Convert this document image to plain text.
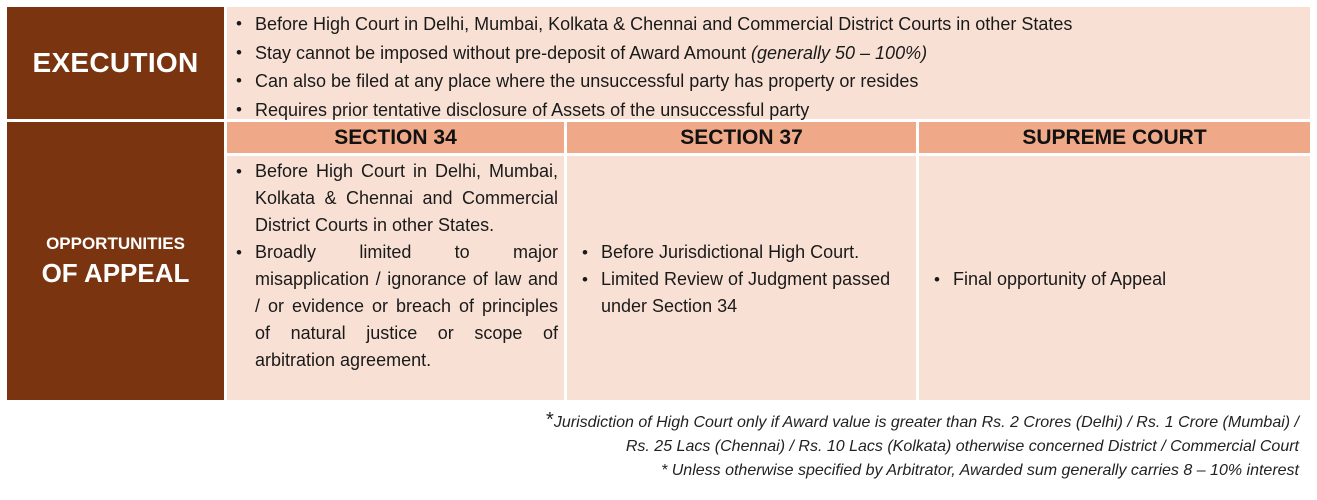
EXECUTION
• Before High Court in Delhi, Mumbai, Kolkata & Chennai and Commercial District Courts in other States
• Stay cannot be imposed without pre-deposit of Award Amount (generally 50 – 100%)
• Can also be filed at any place where the unsuccessful party has property or resides
• Requires prior tentative disclosure of Assets of the unsuccessful party
OPPORTUNITIES
OF APPEAL
SECTION 34	SECTION 37	SUPREME COURT
• Before High Court in Delhi, Mumbai, Kolkata & Chennai and Commercial District Courts in other States.
• Broadly limited to major misapplication / ignorance of law and / or evidence or breach of principles of natural justice or scope of arbitration agreement.
• Before Jurisdictional High Court.
• Limited Review of Judgment passed under Section 34
• Final opportunity of Appeal
*Jurisdiction of High Court only if Award value is greater than Rs. 2 Crores (Delhi) / Rs. 1 Crore (Mumbai) /
Rs. 25 Lacs (Chennai) / Rs. 10 Lacs (Kolkata) otherwise concerned District / Commercial Court
* Unless otherwise specified by Arbitrator, Awarded sum generally carries 8 – 10% interest
